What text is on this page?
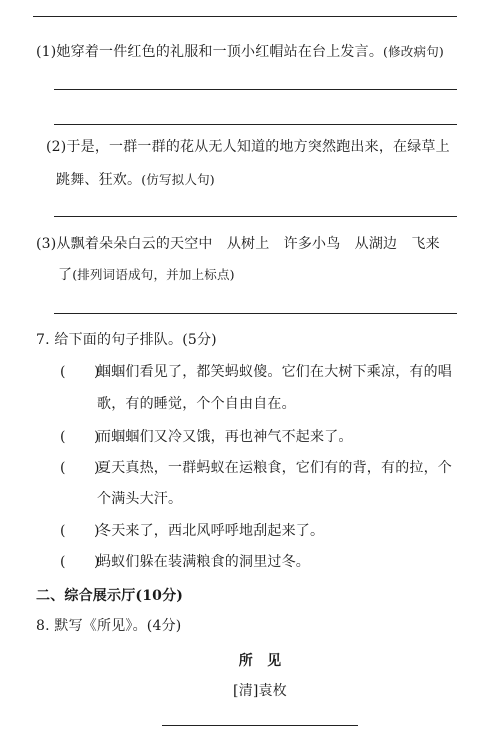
(1)她穿着一件红色的礼服和一顶小红帽站在台上发言。(修改病句)
(2)于是，一群一群的花从无人知道的地方突然跑出来，在绿草上
跳舞、狂欢。(仿写拟人句)
(3)从飘着朵朵白云的天空中　从树上　许多小鸟　从湖边　飞来
了(排列词语成句，并加上标点)
7. 给下面的句子排队。(5分)
(　　)
蝈蝈们看见了，都笑蚂蚁傻。它们在大树下乘凉，有的唱
歌，有的睡觉，个个自由自在。
(　　)
而蝈蝈们又冷又饿，再也神气不起来了。
(　　)
夏天真热，一群蚂蚁在运粮食，它们有的背，有的拉，个
个满头大汗。
(　　)
冬天来了，西北风呼呼地刮起来了。
(　　)
蚂蚁们躲在装满粮食的洞里过冬。
二、综合展示厅(10分)
8. 默写《所见》。(4分)
所　见
[清]袁枚
